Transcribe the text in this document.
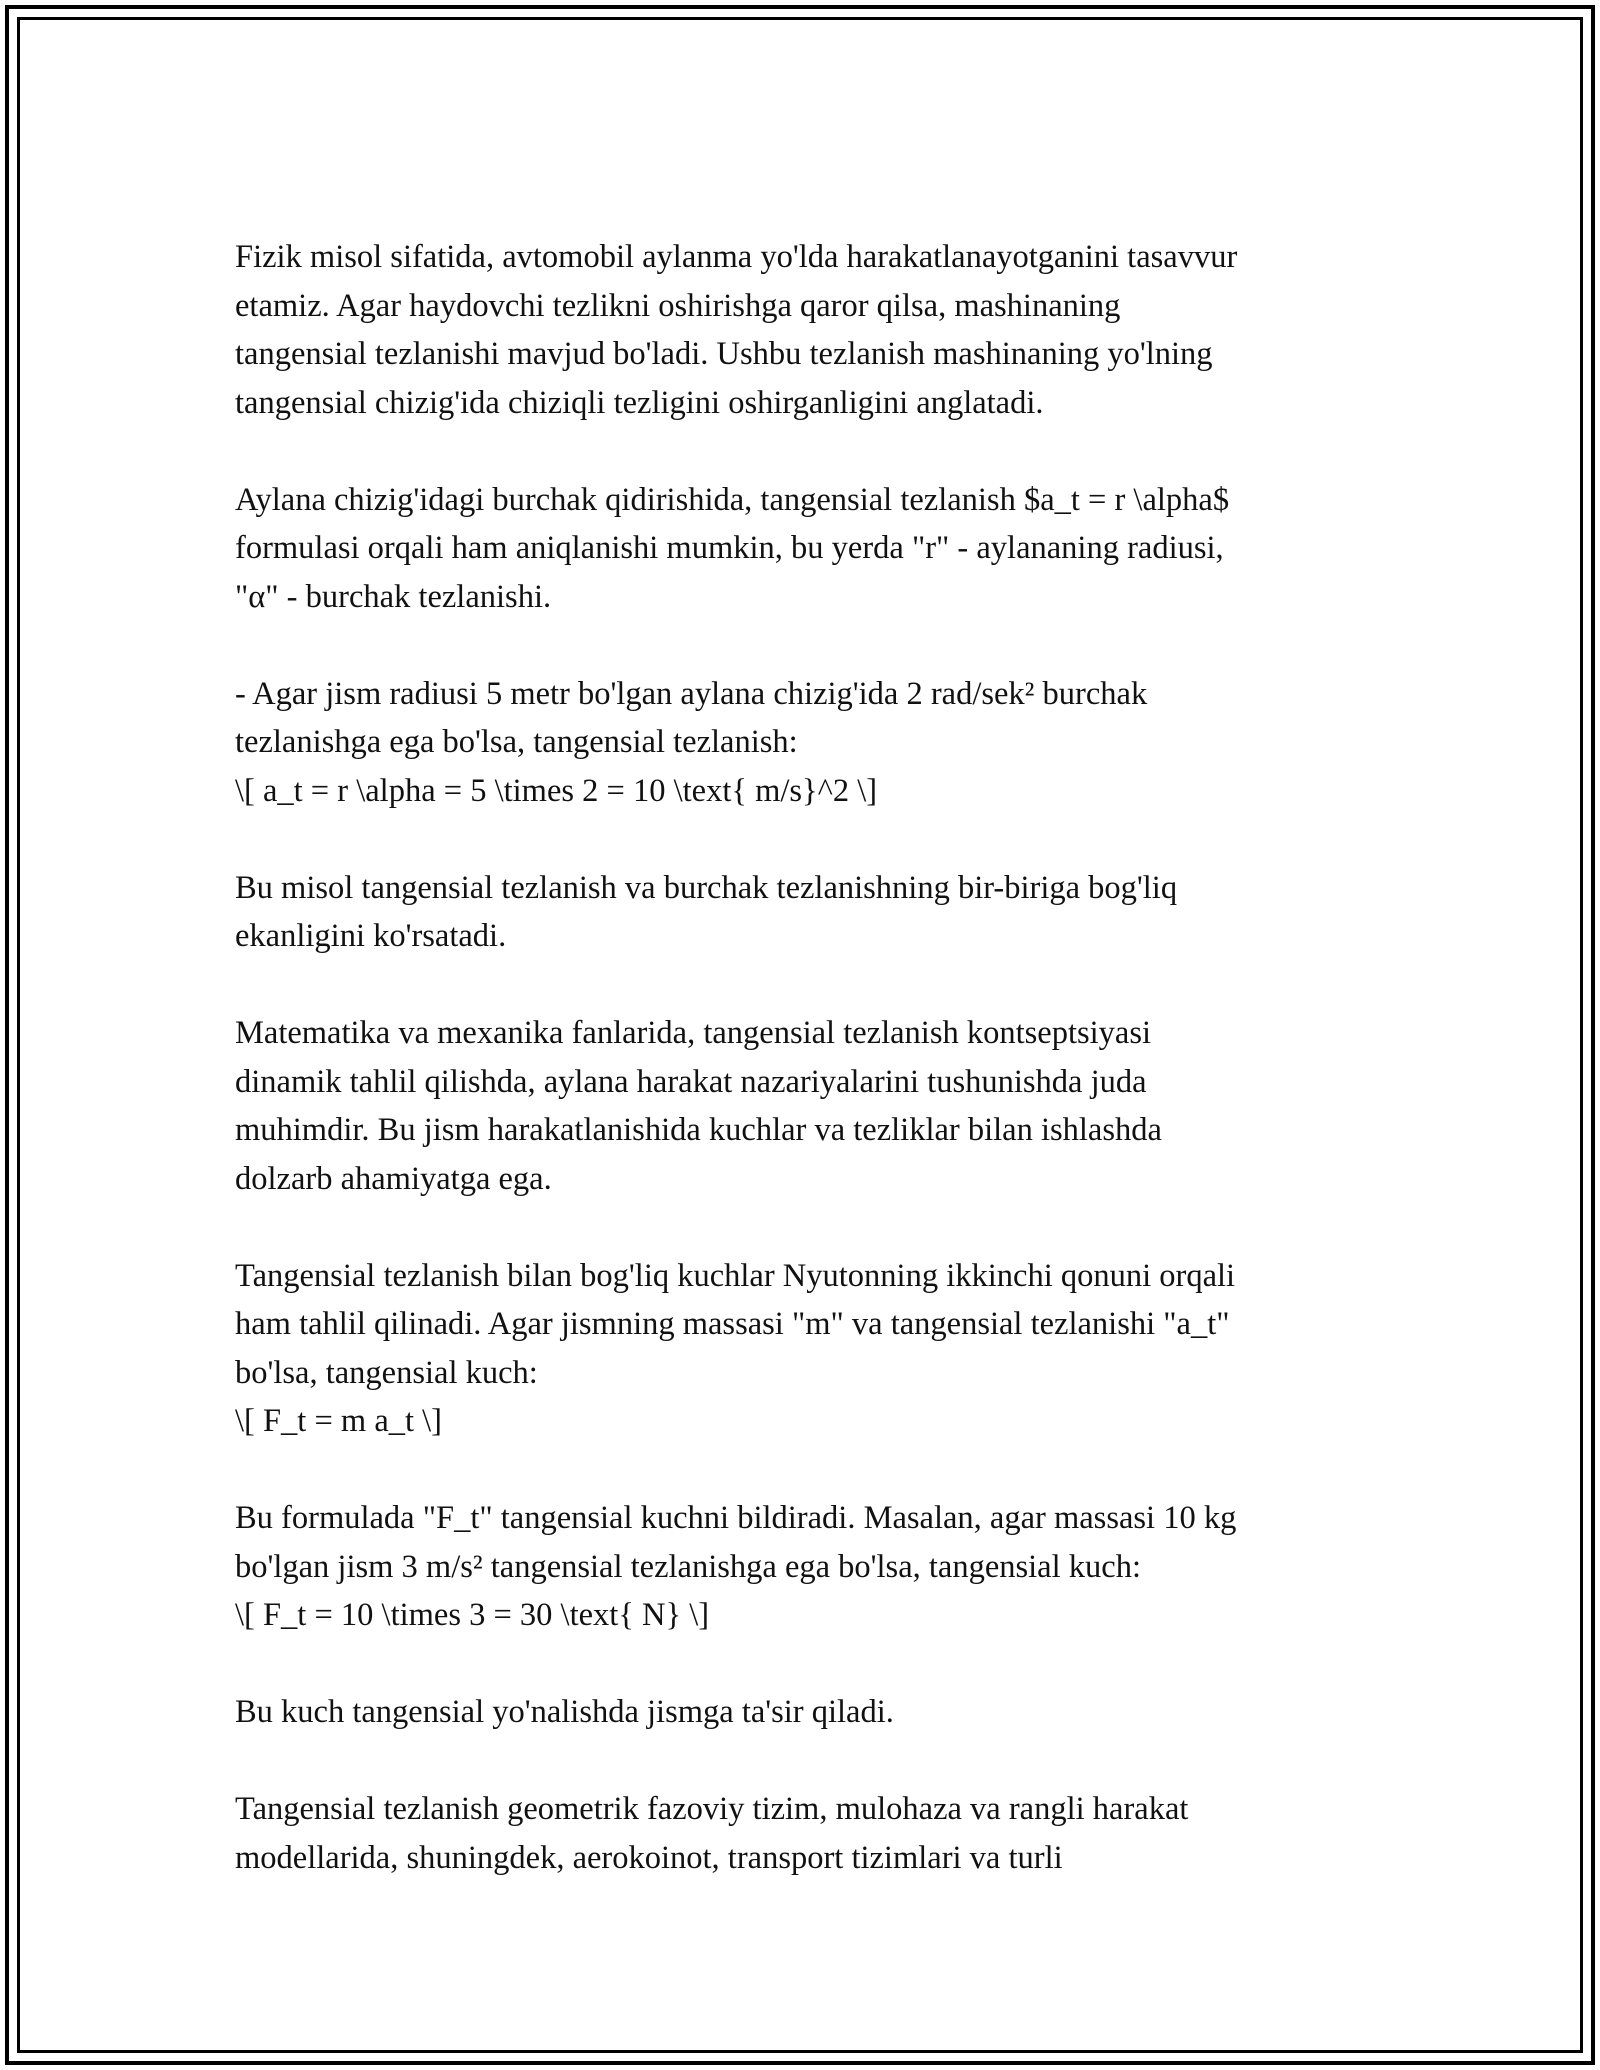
Fizik misol sifatida, avtomobil aylanma yo'lda harakatlanayotganini tasavvur
etamiz. Agar haydovchi tezlikni oshirishga qaror qilsa, mashinaning
tangensial tezlanishi mavjud bo'ladi. Ushbu tezlanish mashinaning yo'lning
tangensial chizig'ida chiziqli tezligini oshirganligini anglatadi.

Aylana chizig'idagi burchak qidirishida, tangensial tezlanish $a_t = r \alpha$
formulasi orqali ham aniqlanishi mumkin, bu yerda "r" - aylananing radiusi,
"α" - burchak tezlanishi.

- Agar jism radiusi 5 metr bo'lgan aylana chizig'ida 2 rad/sek² burchak
tezlanishga ega bo'lsa, tangensial tezlanish:
\[ a_t = r \alpha = 5 \times 2 = 10 \text{ m/s}^2 \]

Bu misol tangensial tezlanish va burchak tezlanishning bir-biriga bog'liq
ekanligini ko'rsatadi.

Matematika va mexanika fanlarida, tangensial tezlanish kontseptsiyasi
dinamik tahlil qilishda, aylana harakat nazariyalarini tushunishda juda
muhimdir. Bu jism harakatlanishida kuchlar va tezliklar bilan ishlashda
dolzarb ahamiyatga ega.

Tangensial tezlanish bilan bog'liq kuchlar Nyutonning ikkinchi qonuni orqali
ham tahlil qilinadi. Agar jismning massasi "m" va tangensial tezlanishi "a_t"
bo'lsa, tangensial kuch:
\[ F_t = m a_t \]

Bu formulada "F_t" tangensial kuchni bildiradi. Masalan, agar massasi 10 kg
bo'lgan jism 3 m/s² tangensial tezlanishga ega bo'lsa, tangensial kuch:
\[ F_t = 10 \times 3 = 30 \text{ N} \]

Bu kuch tangensial yo'nalishda jismga ta'sir qiladi.

Tangensial tezlanish geometrik fazoviy tizim, mulohaza va rangli harakat
modellarida, shuningdek, aerokoinot, transport tizimlari va turli
